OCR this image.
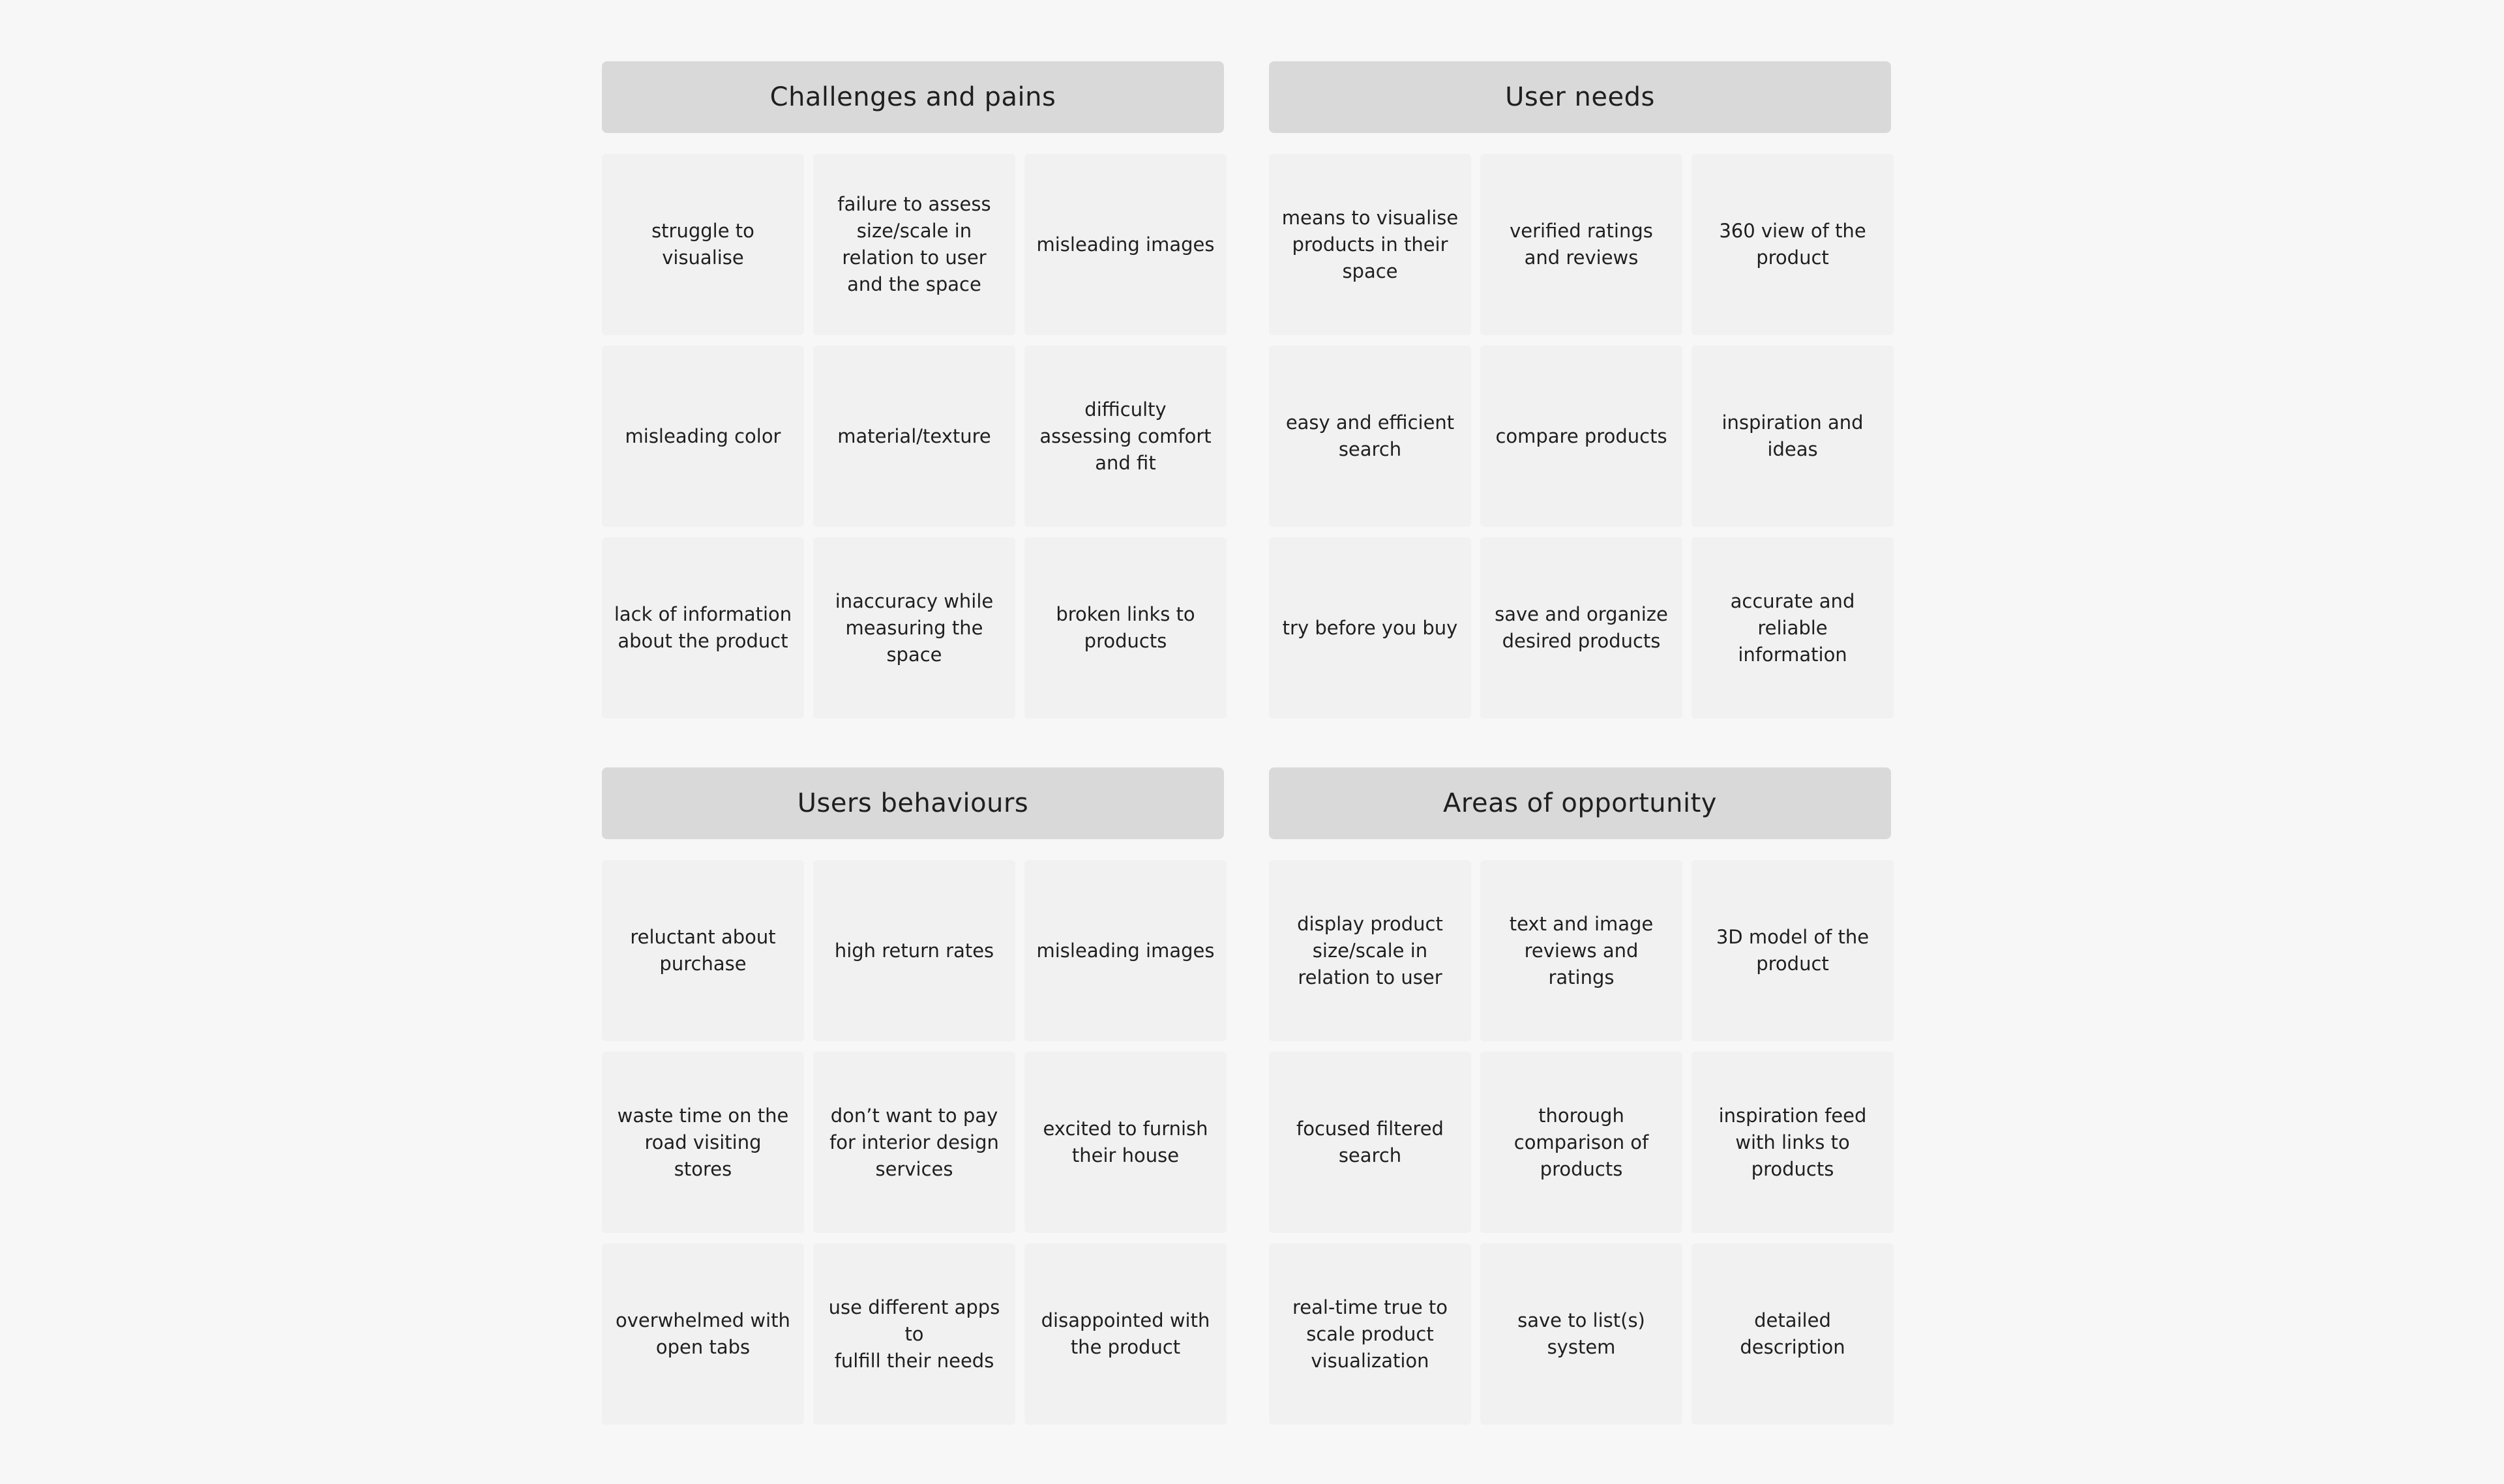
Challenges and pains
struggle to
visualise
failure to assess
size/scale in
relation to user
and the space
misleading images
misleading color	material/texture
difficulty
assessing comfort
and fit
lack of information
about the product
inaccuracy while
measuring the space
broken links to
products
User needs
means to visualise
products in their
space
verified ratings
and reviews
360 view of the
product
easy and efficient
search
compare products
inspiration and
ideas
try before you buy
save and organize
desired products
accurate and reliable
information
Users behaviours
reluctant about
purchase
high return rates misleading images
waste time on the
road visiting
stores
don’t want to pay
for interior design
services
excited to furnish
their house
overwhelmed with
open tabs
use different apps to
fulfill their needs
disappointed with
the product
Areas of opportunity
display product
size/scale in
relation to user
text and image
reviews and
ratings
3D model of the
product
focused filtered
search
thorough
comparison of
products
inspiration feed
with links to
products
real-time true to
scale product
visualization
save to list(s) system
detailed description
